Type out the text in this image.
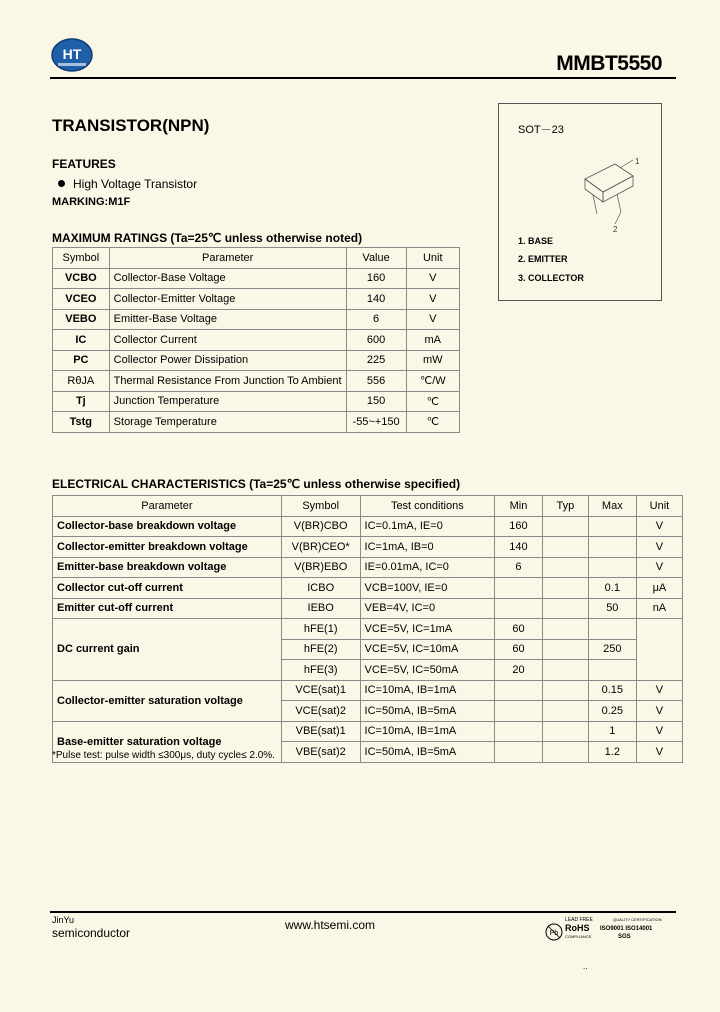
HT	MMBT5550
TRANSISTOR(NPN)
FEATURES
High Voltage Transistor
MARKING:M1F
SOT－23
1
2
1. BASE
2. EMITTER
3. COLLECTOR
MAXIMUM RATINGS (Ta=25℃ unless otherwise noted)
Symbol	Parameter	Value	Unit
VCBO	Collector-Base Voltage	160	V
VCEO	Collector-Emitter Voltage	140	V
VEBO	Emitter-Base Voltage	6	V
IC	Collector Current	600	mA
PC	Collector Power Dissipation	225	mW
RθJA	Thermal Resistance From Junction To Ambient	556	℃/W
Tj	Junction Temperature	150	℃
Tstg	Storage Temperature	-55~+150	℃
ELECTRICAL CHARACTERISTICS (Ta=25℃ unless otherwise specified)
Parameter	Symbol	Test conditions	Min	Typ	Max	Unit
Collector-base breakdown voltage	V(BR)CBO	IC=0.1mA, IE=0	160			V
Collector-emitter breakdown voltage	V(BR)CEO*	IC=1mA, IB=0	140			V
Emitter-base breakdown voltage	V(BR)EBO	IE=0.01mA, IC=0	6			V
Collector cut-off current	ICBO	VCB=100V, IE=0			0.1	μA
Emitter cut-off current	IEBO	VEB=4V, IC=0			50	nA
DC current gain	hFE(1)	VCE=5V, IC=1mA	60			
	hFE(2)	VCE=5V, IC=10mA	60		250	
	hFE(3)	VCE=5V, IC=50mA	20			
Collector-emitter saturation voltage	VCE(sat)1	IC=10mA, IB=1mA			0.15	V
	VCE(sat)2	IC=50mA, IB=5mA			0.25	V
Base-emitter saturation voltage	VBE(sat)1	IC=10mA, IB=1mA			1	V
	VBE(sat)2	IC=50mA, IB=5mA			1.2	V
*Pulse test: pulse width ≤300μs, duty cycle≤ 2.0%.
JinYu
semiconductor
www.htsemi.com
Pb
LEAD FREE
RoHS
COMPLIANCE
QUALITY CERTIFICATION
ISO9001 ISO14001
SGS
..
